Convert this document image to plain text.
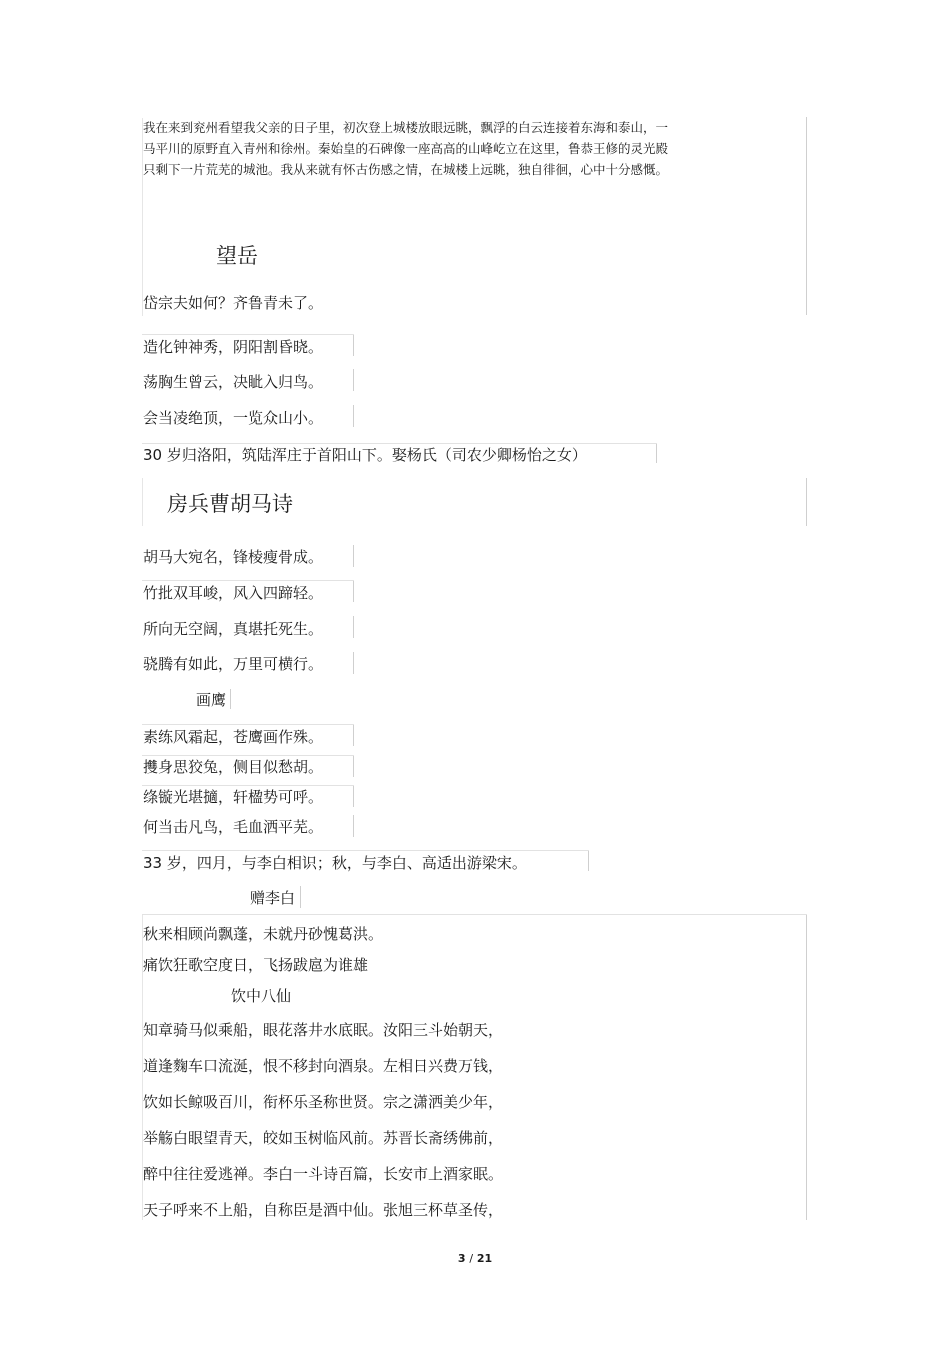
我在来到兖州看望我父亲的日子里，初次登上城楼放眼远眺，飘浮的白云连接着东海和泰山，一
马平川的原野直入青州和徐州。秦始皇的石碑像一座高高的山峰屹立在这里，鲁恭王修的灵光殿
只剩下一片荒芜的城池。我从来就有怀古伤感之情，在城楼上远眺，独自徘徊，心中十分感慨。
望岳
岱宗夫如何？齐鲁青未了。
造化钟神秀，阴阳割昏晓。
荡胸生曾云，决眦入归鸟。
会当凌绝顶，一览众山小。
30 岁归洛阳，筑陆浑庄于首阳山下。娶杨氏（司农少卿杨怡之女）
房兵曹胡马诗
胡马大宛名，锋棱瘦骨成。
竹批双耳峻，风入四蹄轻。
所向无空阔，真堪托死生。
骁腾有如此，万里可横行。
画鹰
素练风霜起，苍鹰画作殊。
㩳身思狡兔，侧目似愁胡。
绦镟光堪擿，轩楹势可呼。
何当击凡鸟，毛血洒平芜。
33 岁，四月，与李白相识；秋，与李白、高适出游梁宋。
赠李白
秋来相顾尚飘蓬，未就丹砂愧葛洪。
痛饮狂歌空度日，飞扬跋扈为谁雄
饮中八仙
知章骑马似乘船，眼花落井水底眠。汝阳三斗始朝天，
道逢麴车口流涎，恨不移封向酒泉。左相日兴费万钱，
饮如长鲸吸百川，衔杯乐圣称世贤。宗之潇洒美少年，
举觞白眼望青天，皎如玉树临风前。苏晋长斋绣佛前，
醉中往往爱逃禅。李白一斗诗百篇，长安市上酒家眠。
天子呼来不上船，自称臣是酒中仙。张旭三杯草圣传，
3 / 21
